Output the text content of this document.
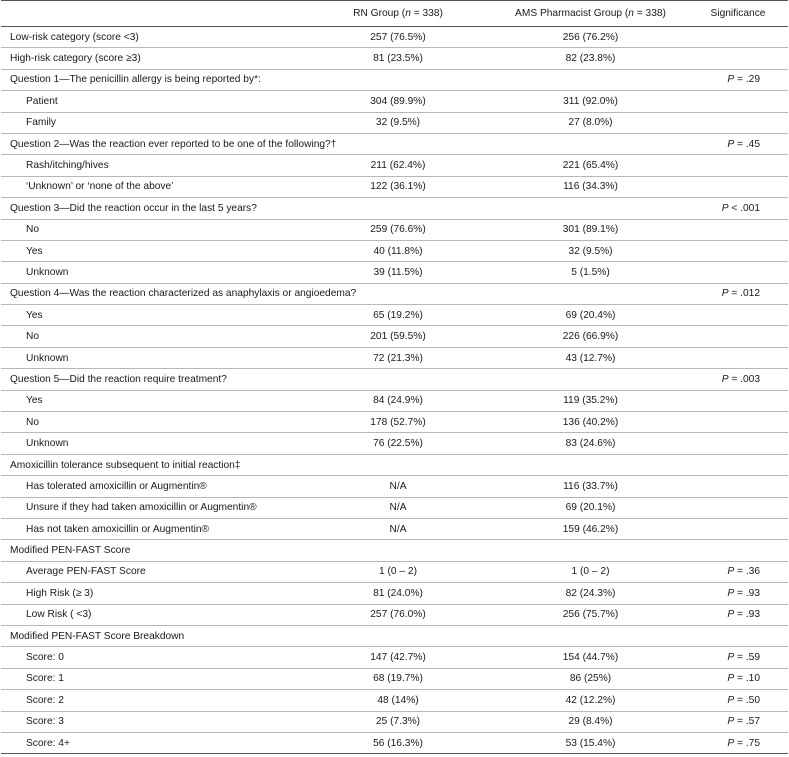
	RN Group (n = 338)	AMS Pharmacist Group (n = 338)	Significance
Low-risk category (score <3)	257 (76.5%)	256 (76.2%)	
High-risk category (score ≥3)	81 (23.5%)	82 (23.8%)	
Question 1—The penicillin allergy is being reported by*:			P = .29
Patient	304 (89.9%)	311 (92.0%)	
Family	32 (9.5%)	27 (8.0%)	
Question 2—Was the reaction ever reported to be one of the following?†			P = .45
Rash/itching/hives	211 (62.4%)	221 (65.4%)	
‘Unknown’ or ‘none of the above’	122 (36.1%)	116 (34.3%)	
Question 3—Did the reaction occur in the last 5 years?			P < .001
No	259 (76.6%)	301 (89.1%)	
Yes	40 (11.8%)	32 (9.5%)	
Unknown	39 (11.5%)	5 (1.5%)	
Question 4—Was the reaction characterized as anaphylaxis or angioedema?			P = .012
Yes	65 (19.2%)	69 (20.4%)	
No	201 (59.5%)	226 (66.9%)	
Unknown	72 (21.3%)	43 (12.7%)	
Question 5—Did the reaction require treatment?			P = .003
Yes	84 (24.9%)	119 (35.2%)	
No	178 (52.7%)	136 (40.2%)	
Unknown	76 (22.5%)	83 (24.6%)	
Amoxicillin tolerance subsequent to initial reaction‡			
Has tolerated amoxicillin or Augmentin®	N/A	116 (33.7%)	
Unsure if they had taken amoxicillin or Augmentin®	N/A	69 (20.1%)	
Has not taken amoxicillin or Augmentin®	N/A	159 (46.2%)	
Modified PEN-FAST Score			
Average PEN-FAST Score	1 (0 – 2)	1 (0 – 2)	P = .36
High Risk (≥ 3)	81 (24.0%)	82 (24.3%)	P = .93
Low Risk ( <3)	257 (76.0%)	256 (75.7%)	P = .93
Modified PEN-FAST Score Breakdown			
Score: 0	147 (42.7%)	154 (44.7%)	P = .59
Score: 1	68 (19.7%)	86 (25%)	P = .10
Score: 2	48 (14%)	42 (12.2%)	P = .50
Score: 3	25 (7.3%)	29 (8.4%)	P = .57
Score: 4+	56 (16.3%)	53 (15.4%)	P = .75
